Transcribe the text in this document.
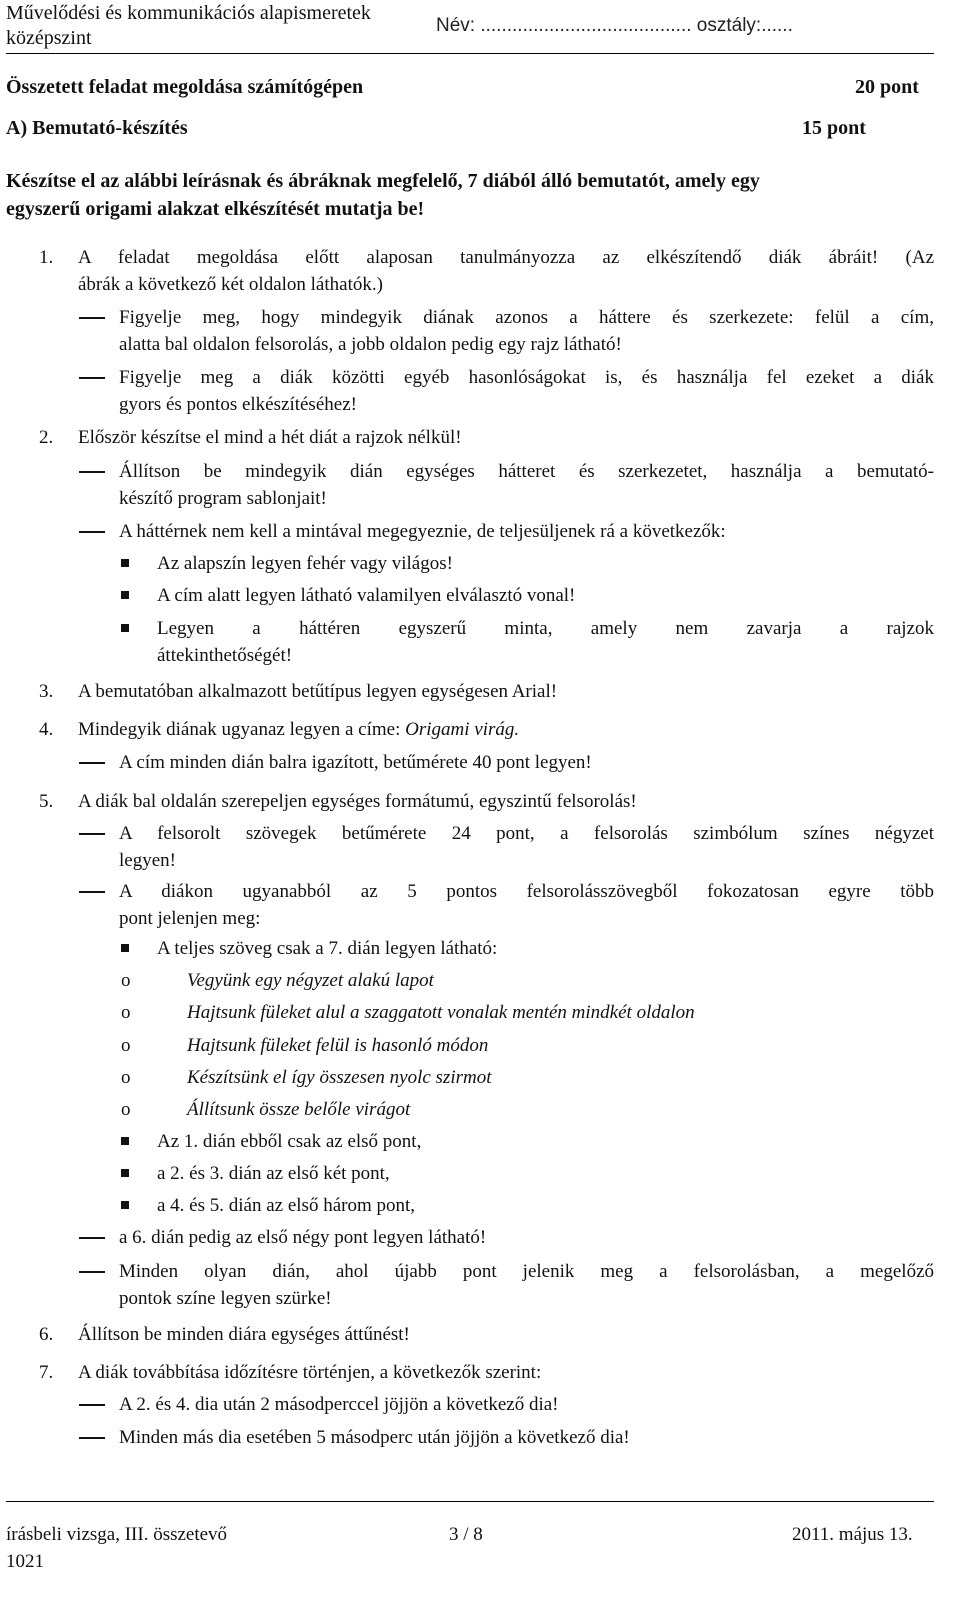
Művelődési és kommunikációs alapismeretek
középszint
Név: ........................................ osztály:......
Összetett feladat megoldása számítógépen	20 pont
A) Bemutató-készítés	15 pont
Készítse el az alábbi leírásnak és ábráknak megfelelő, 7 diából álló bemutatót, amely egy
egyszerű origami alakzat elkészítését mutatja be!
1. A feladat megoldása előtt alaposan tanulmányozza az elkészítendő diák ábráit! (Az
ábrák a következő két oldalon láthatók.)
Figyelje meg, hogy mindegyik diának azonos a háttere és szerkezete: felül a cím,
alatta bal oldalon felsorolás, a jobb oldalon pedig egy rajz látható!
Figyelje meg a diák közötti egyéb hasonlóságokat is, és használja fel ezeket a diák
gyors és pontos elkészítéséhez!
2. Először készítse el mind a hét diát a rajzok nélkül!
Állítson be mindegyik dián egységes hátteret és szerkezetet, használja a bemutató-
készítő program sablonjait!
A háttérnek nem kell a mintával megegyeznie, de teljesüljenek rá a következők:
Az alapszín legyen fehér vagy világos!
A cím alatt legyen látható valamilyen elválasztó vonal!
Legyen a háttéren egyszerű minta, amely nem zavarja a rajzok
áttekinthetőségét!
3. A bemutatóban alkalmazott betűtípus legyen egységesen Arial!
4. Mindegyik diának ugyanaz legyen a címe: Origami virág.
A cím minden dián balra igazított, betűmérete 40 pont legyen!
5. A diák bal oldalán szerepeljen egységes formátumú, egyszintű felsorolás!
A felsorolt szövegek betűmérete 24 pont, a felsorolás szimbólum színes négyzet
legyen!
A diákon ugyanabból az 5 pontos felsorolásszövegből fokozatosan egyre több
pont jelenjen meg:
A teljes szöveg csak a 7. dián legyen látható:
o	Vegyünk egy négyzet alakú lapot
o	Hajtsunk füleket alul a szaggatott vonalak mentén mindkét oldalon
o	Hajtsunk füleket felül is hasonló módon
o	Készítsünk el így összesen nyolc szirmot
o	Állítsunk össze belőle virágot
Az 1. dián ebből csak az első pont,
a 2. és 3. dián az első két pont,
a 4. és 5. dián az első három pont,
a 6. dián pedig az első négy pont legyen látható!
Minden olyan dián, ahol újabb pont jelenik meg a felsorolásban, a megelőző
pontok színe legyen szürke!
6. Állítson be minden diára egységes áttűnést!
7. A diák továbbítása időzítésre történjen, a következők szerint:
A 2. és 4. dia után 2 másodperccel jöjjön a következő dia!
Minden más dia esetében 5 másodperc után jöjjön a következő dia!
írásbeli vizsga, III. összetevő	3 / 8	2011. május 13.
1021
